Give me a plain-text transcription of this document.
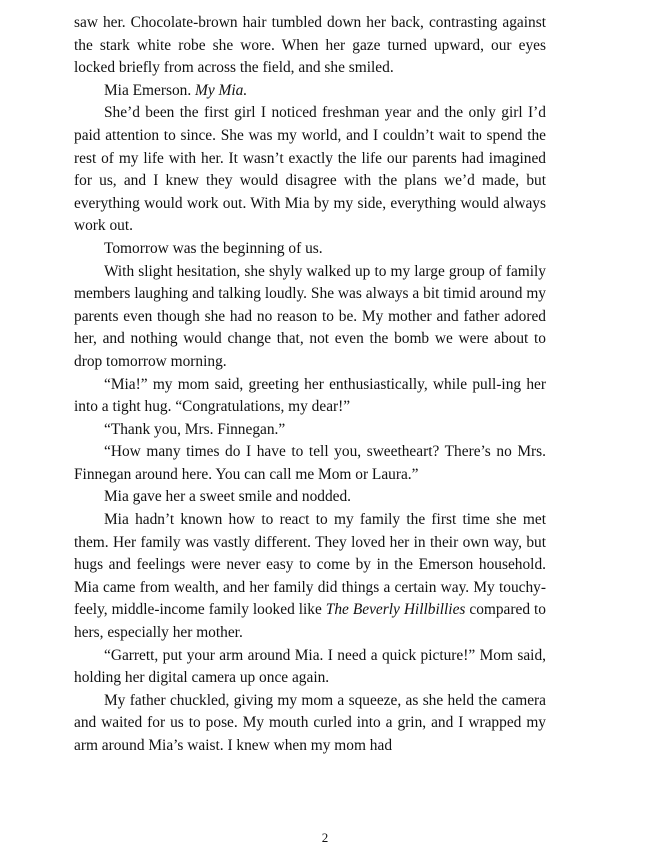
saw her. Chocolate-brown hair tumbled down her back, contrasting against the stark white robe she wore. When her gaze turned upward, our eyes locked briefly from across the field, and she smiled.

Mia Emerson. My Mia.

She’d been the first girl I noticed freshman year and the only girl I’d paid attention to since. She was my world, and I couldn’t wait to spend the rest of my life with her. It wasn’t exactly the life our parents had imagined for us, and I knew they would disagree with the plans we’d made, but everything would work out. With Mia by my side, everything would always work out.

Tomorrow was the beginning of us.

With slight hesitation, she shyly walked up to my large group of family members laughing and talking loudly. She was always a bit timid around my parents even though she had no reason to be. My mother and father adored her, and nothing would change that, not even the bomb we were about to drop tomorrow morning.

“Mia!” my mom said, greeting her enthusiastically, while pull-ing her into a tight hug. “Congratulations, my dear!”

“Thank you, Mrs. Finnegan.”

“How many times do I have to tell you, sweetheart? There’s no Mrs. Finnegan around here. You can call me Mom or Laura.”

Mia gave her a sweet smile and nodded.

Mia hadn’t known how to react to my family the first time she met them. Her family was vastly different. They loved her in their own way, but hugs and feelings were never easy to come by in the Emerson household. Mia came from wealth, and her family did things a certain way. My touchy-feely, middle-income family looked like The Beverly Hillbillies compared to hers, especially her mother.

“Garrett, put your arm around Mia. I need a quick picture!” Mom said, holding her digital camera up once again.

My father chuckled, giving my mom a squeeze, as she held the camera and waited for us to pose. My mouth curled into a grin, and I wrapped my arm around Mia’s waist. I knew when my mom had

2
